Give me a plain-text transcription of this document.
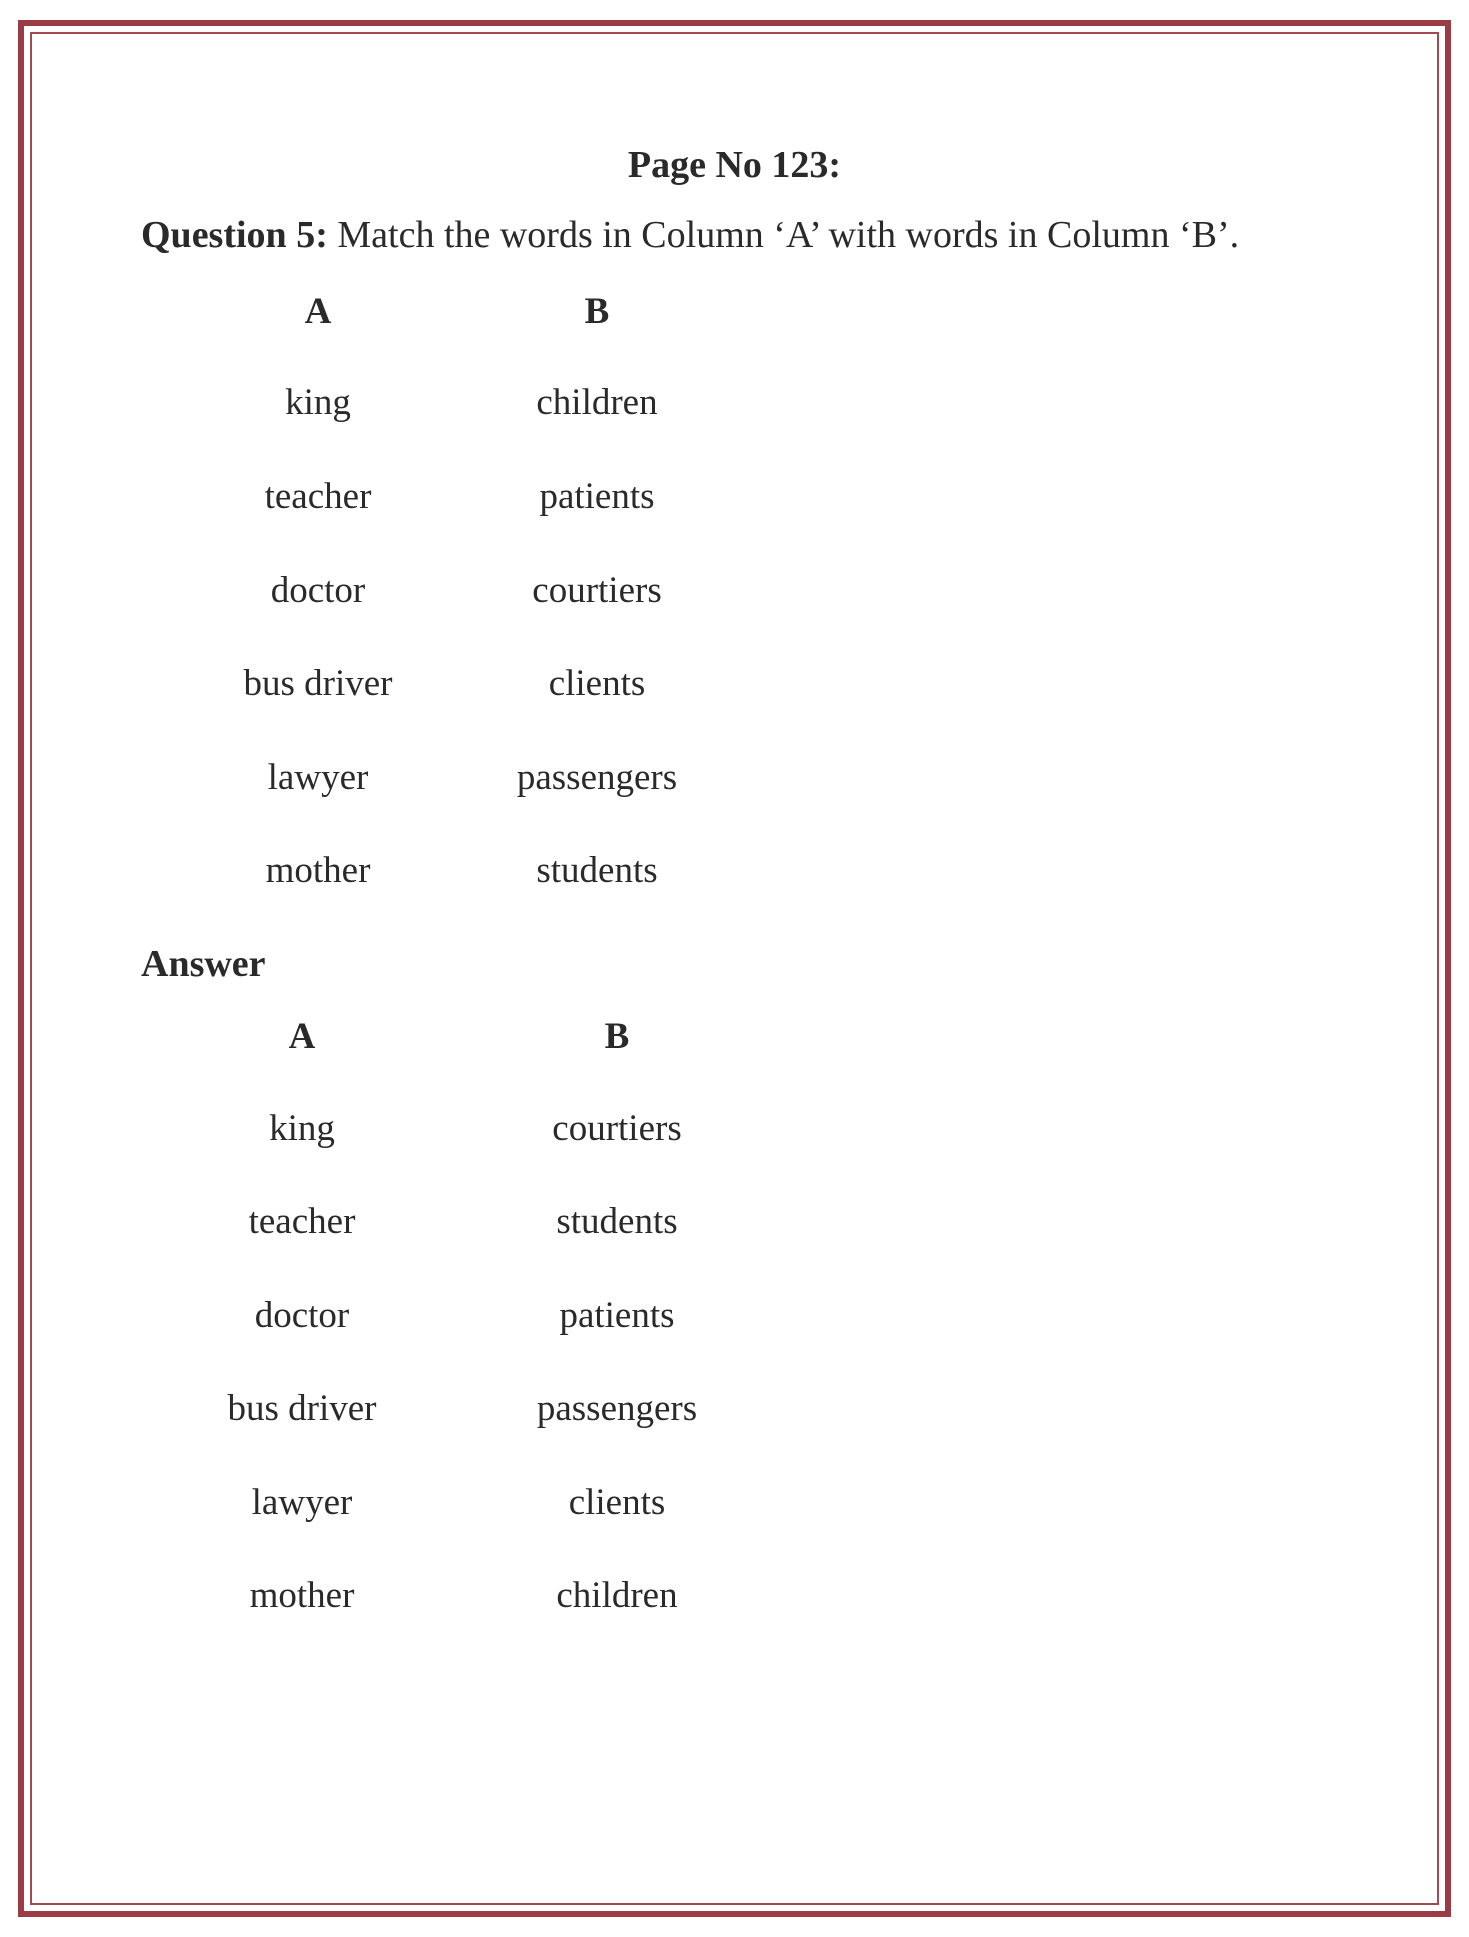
Page No 123:
Question 5: Match the words in Column ‘A’ with words in Column ‘B’.
A	B
king
teacher
doctor
bus driver
lawyer
mother
children
patients
courtiers
clients
passengers
students
Answer
A	B
king
teacher
doctor
bus driver
lawyer
mother
courtiers
students
patients
passengers
clients
children
